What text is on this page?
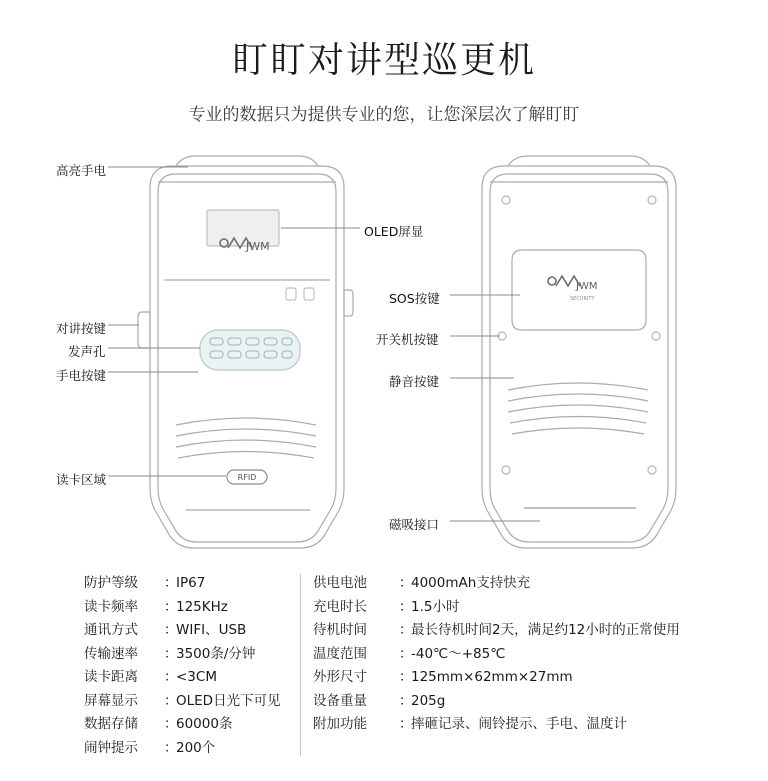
盯盯对讲型巡更机
专业的数据只为提供专业的您，让您深层次了解盯盯
JWM
RFID
JWM
SECURITY
高亮手电
对讲按键
发声孔
手电按键
读卡区域
OLED屏显
SOS按键
开关机按键
静音按键
磁吸接口
防护等级	：
IP67
读卡频率	：
125KHz
通讯方式	：
WIFI、USB
传输速率	：
3500条/分钟
读卡距离	：
<3CM
屏幕显示	：
OLED日光下可见
数据存储	：
60000条
闹钟提示	：
200个
供电电池	：
4000mAh支持快充
充电时长	：
1.5小时
待机时间	：
最长待机时间2天，满足约12小时的正常使用
温度范围	：
-40℃～+85℃
外形尺寸	：
125mm×62mm×27mm
设备重量	：
205g
附加功能	：
摔砸记录、闹铃提示、手电、温度计
